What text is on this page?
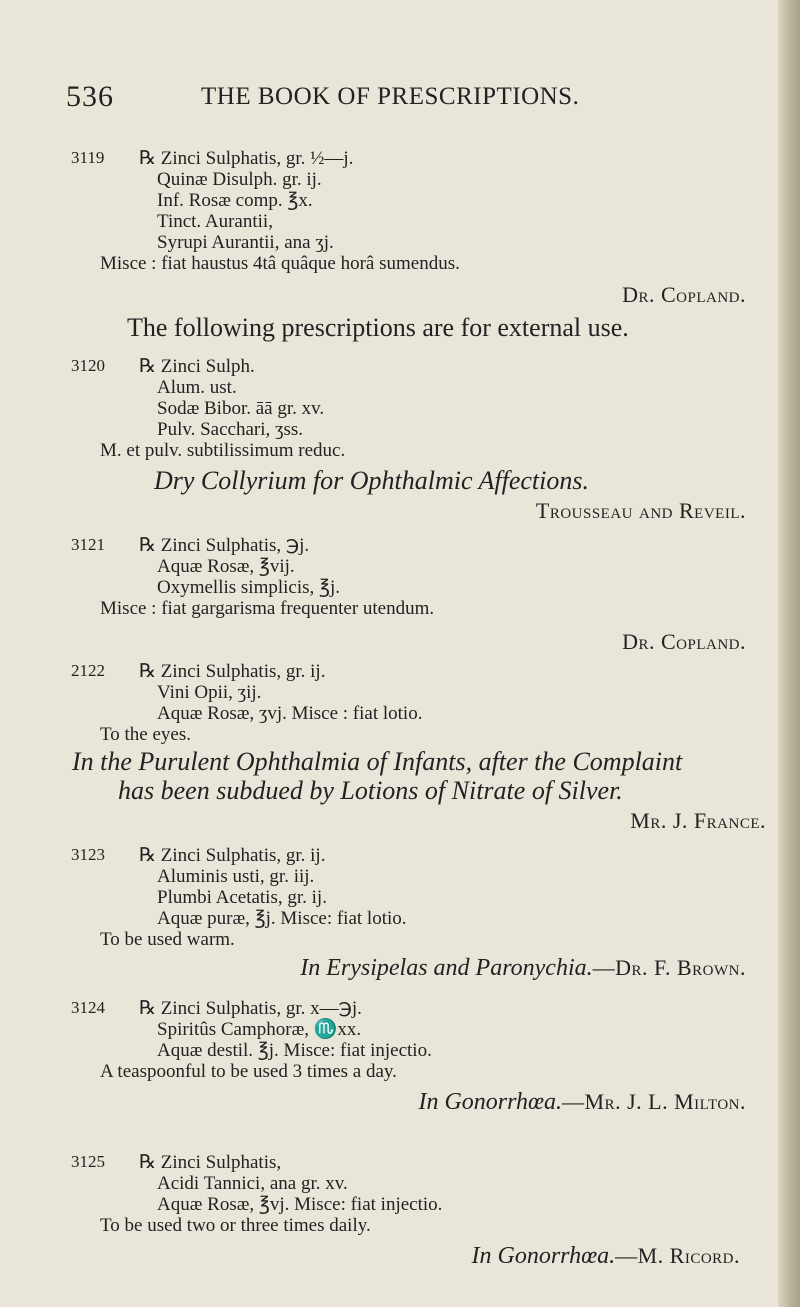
536	THE BOOK OF PRESCRIPTIONS.
3119 ℞ Zinci Sulphatis, gr. ½—j.
Quinæ Disulph. gr. ij.
Inf. Rosæ comp. ℥x.
Tinct. Aurantii,
Syrupi Aurantii, ana ʒj.
Misce : fiat haustus 4tâ quâque horâ sumendus.
Dr. Copland.
The following prescriptions are for external use.
3120 ℞ Zinci Sulph.
Alum. ust.
Sodæ Bibor. āā gr. xv.
Pulv. Sacchari, ʒss.
M. et pulv. subtilissimum reduc.
Dry Collyrium for Ophthalmic Affections.
Trousseau and Reveil.
3121 ℞ Zinci Sulphatis, ℈j.
Aquæ Rosæ, ℥vij.
Oxymellis simplicis, ℥j.
Misce : fiat gargarisma frequenter utendum.
Dr. Copland.
2122 ℞ Zinci Sulphatis, gr. ij.
Vini Opii, ʒij.
Aquæ Rosæ, ʒvj. Misce : fiat lotio.
To the eyes.
In the Purulent Ophthalmia of Infants, after the Complaint
has been subdued by Lotions of Nitrate of Silver.
Mr. J. France.
3123 ℞ Zinci Sulphatis, gr. ij.
Aluminis usti, gr. iij.
Plumbi Acetatis, gr. ij.
Aquæ puræ, ℥j. Misce: fiat lotio.
To be used warm.
In Erysipelas and Paronychia.—Dr. F. Brown.
3124 ℞ Zinci Sulphatis, gr. x—℈j.
Spiritûs Camphoræ, ♏xx.
Aquæ destil. ℥j. Misce: fiat injectio.
A teaspoonful to be used 3 times a day.
In Gonorrhœa.—Mr. J. L. Milton.
3125 ℞ Zinci Sulphatis,
Acidi Tannici, ana gr. xv.
Aquæ Rosæ, ℥vj. Misce: fiat injectio.
To be used two or three times daily.
In Gonorrhœa.—M. Ricord.
